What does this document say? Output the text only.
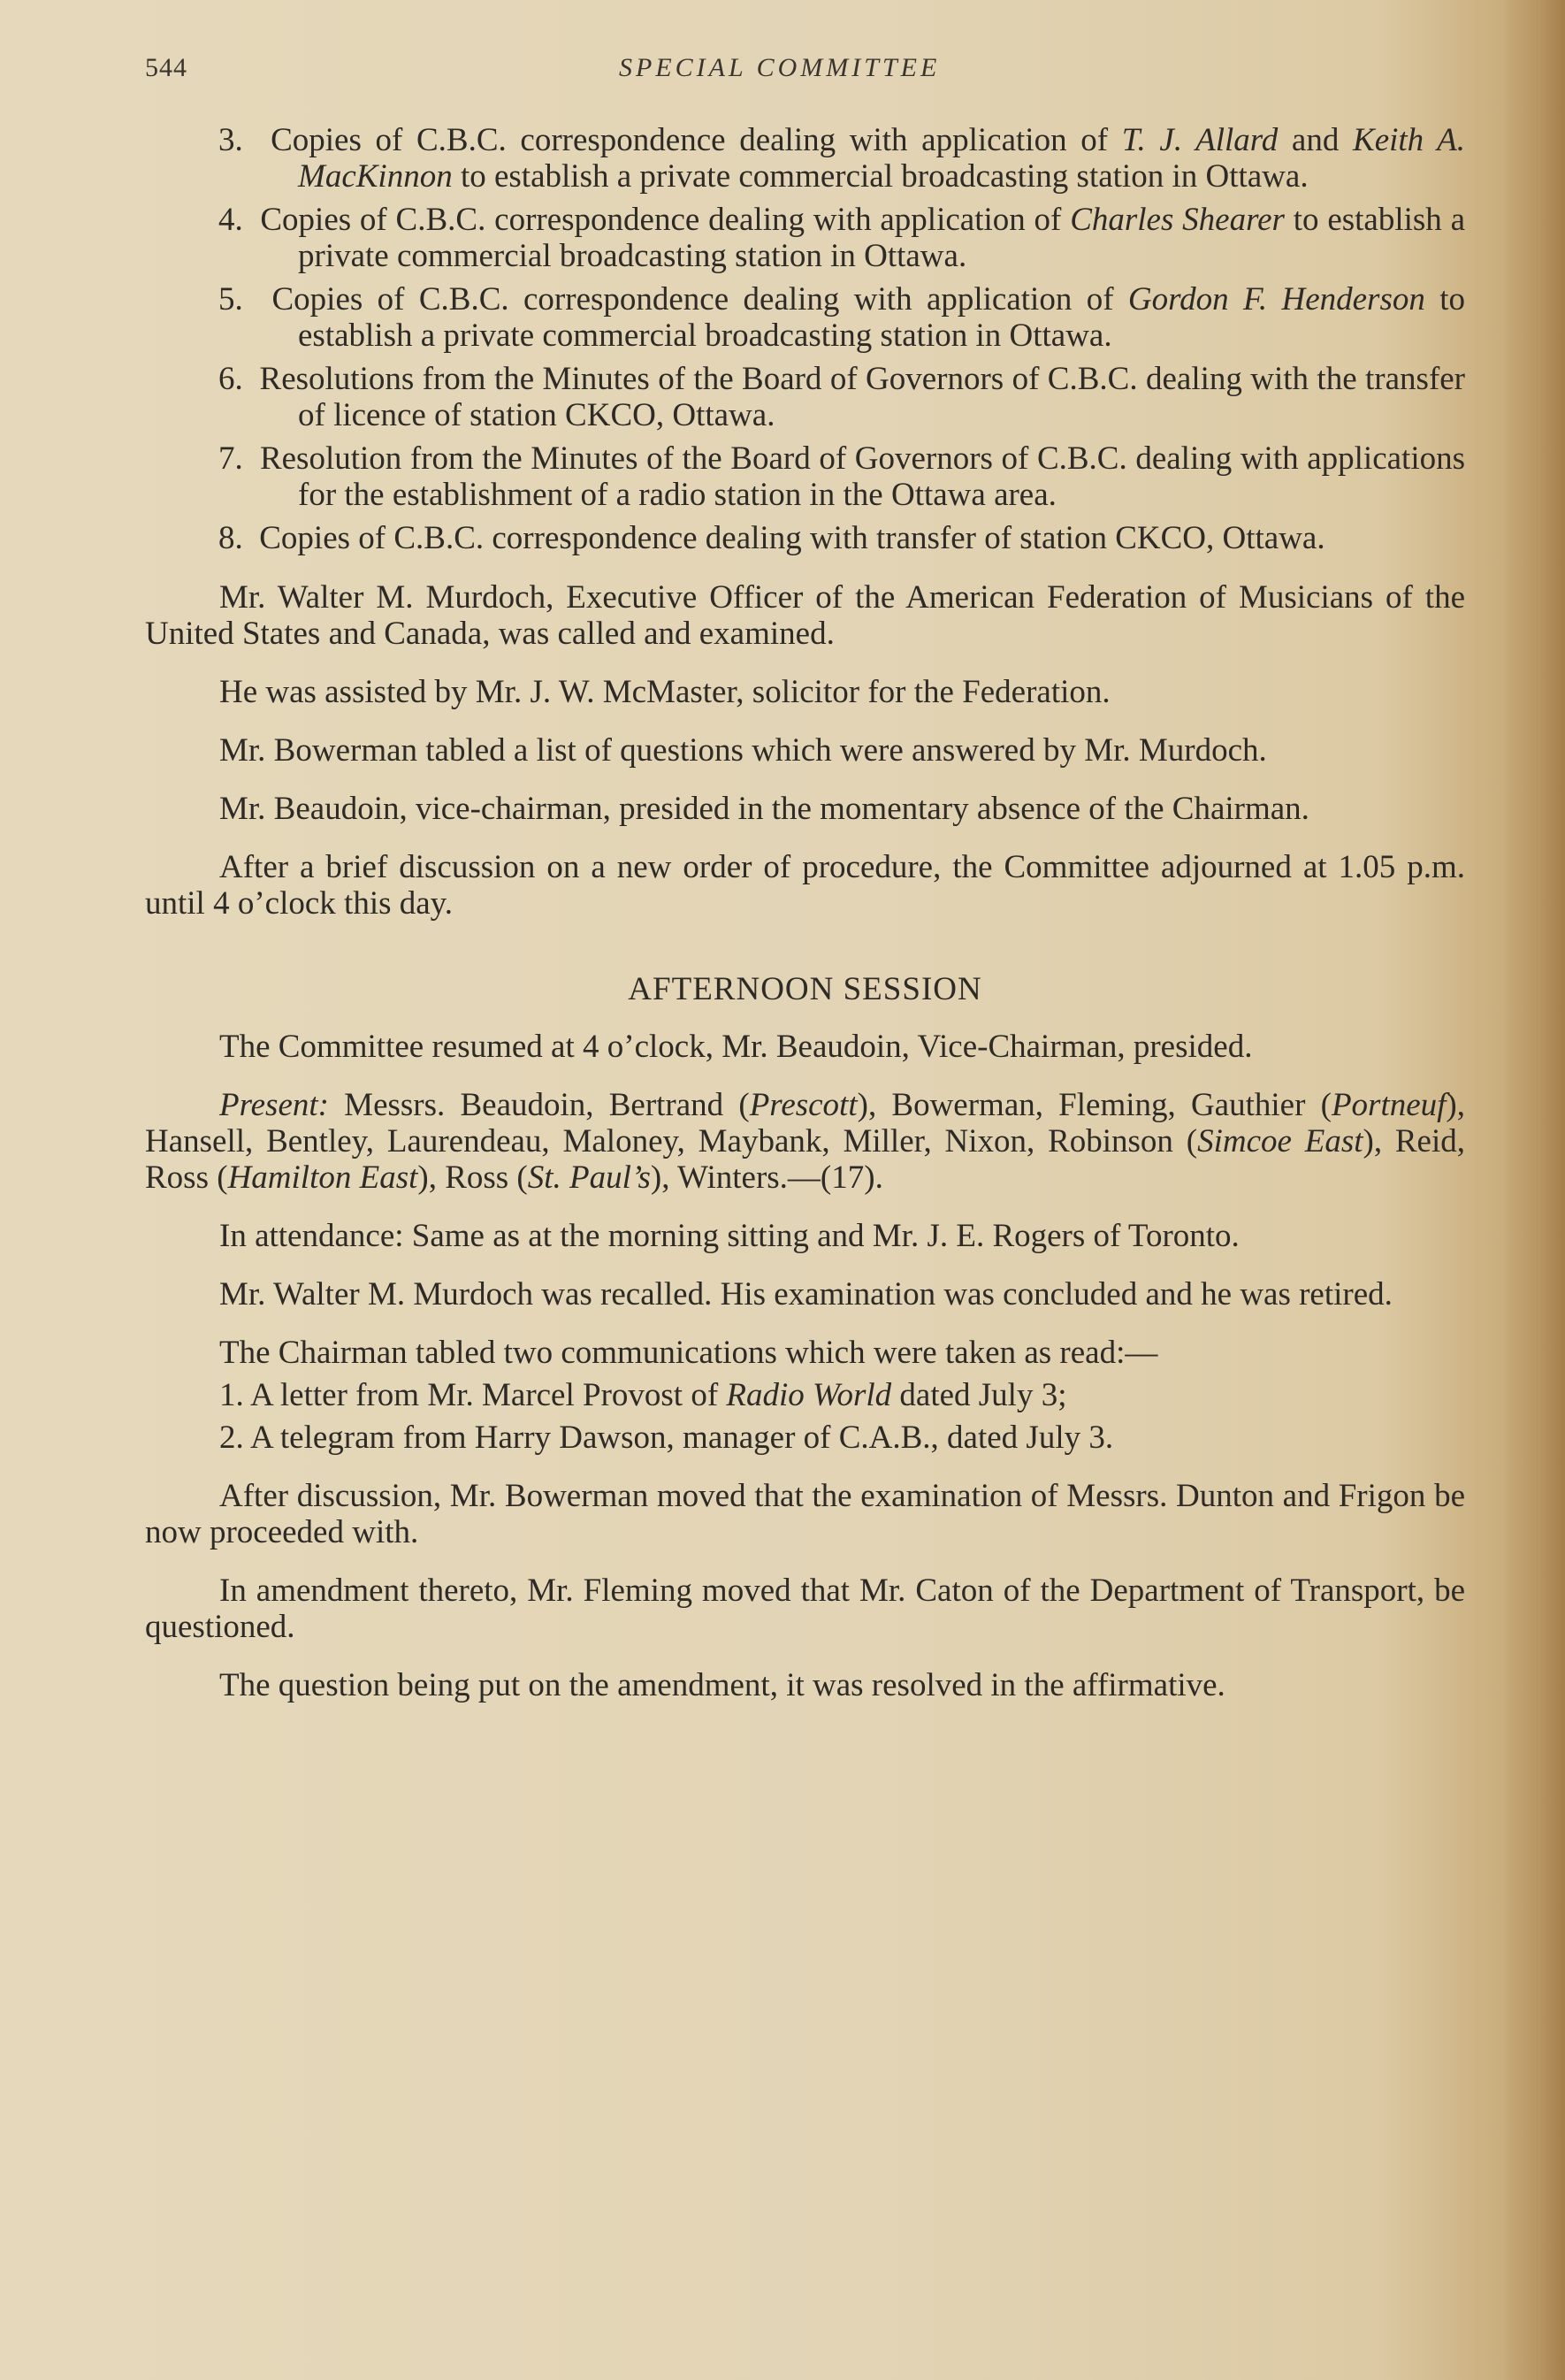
544	SPECIAL COMMITTEE

3. Copies of C.B.C. correspondence dealing with application of T. J. Allard and Keith A. MacKinnon to establish a private commercial broadcasting station in Ottawa.

4. Copies of C.B.C. correspondence dealing with application of Charles Shearer to establish a private commercial broadcasting station in Ottawa.

5. Copies of C.B.C. correspondence dealing with application of Gordon F. Henderson to establish a private commercial broadcasting station in Ottawa.

6. Resolutions from the Minutes of the Board of Governors of C.B.C. dealing with the transfer of licence of station CKCO, Ottawa.

7. Resolution from the Minutes of the Board of Governors of C.B.C. dealing with applications for the establishment of a radio station in the Ottawa area.

8. Copies of C.B.C. correspondence dealing with transfer of station CKCO, Ottawa.

Mr. Walter M. Murdoch, Executive Officer of the American Federation of Musicians of the United States and Canada, was called and examined.

He was assisted by Mr. J. W. McMaster, solicitor for the Federation.

Mr. Bowerman tabled a list of questions which were answered by Mr. Murdoch.

Mr. Beaudoin, vice-chairman, presided in the momentary absence of the Chairman.

After a brief discussion on a new order of procedure, the Committee adjourned at 1.05 p.m. until 4 o’clock this day.

AFTERNOON SESSION

The Committee resumed at 4 o’clock, Mr. Beaudoin, Vice-Chairman, presided.

Present: Messrs. Beaudoin, Bertrand (Prescott), Bowerman, Fleming, Gauthier (Portneuf), Hansell, Bentley, Laurendeau, Maloney, Maybank, Miller, Nixon, Robinson (Simcoe East), Reid, Ross (Hamilton East), Ross (St. Paul’s), Winters.—(17).

In attendance: Same as at the morning sitting and Mr. J. E. Rogers of Toronto.

Mr. Walter M. Murdoch was recalled. His examination was concluded and he was retired.

The Chairman tabled two communications which were taken as read:—

1. A letter from Mr. Marcel Provost of Radio World dated July 3;

2. A telegram from Harry Dawson, manager of C.A.B., dated July 3.

After discussion, Mr. Bowerman moved that the examination of Messrs. Dunton and Frigon be now proceeded with.

In amendment thereto, Mr. Fleming moved that Mr. Caton of the Department of Transport, be questioned.

The question being put on the amendment, it was resolved in the affirmative.
